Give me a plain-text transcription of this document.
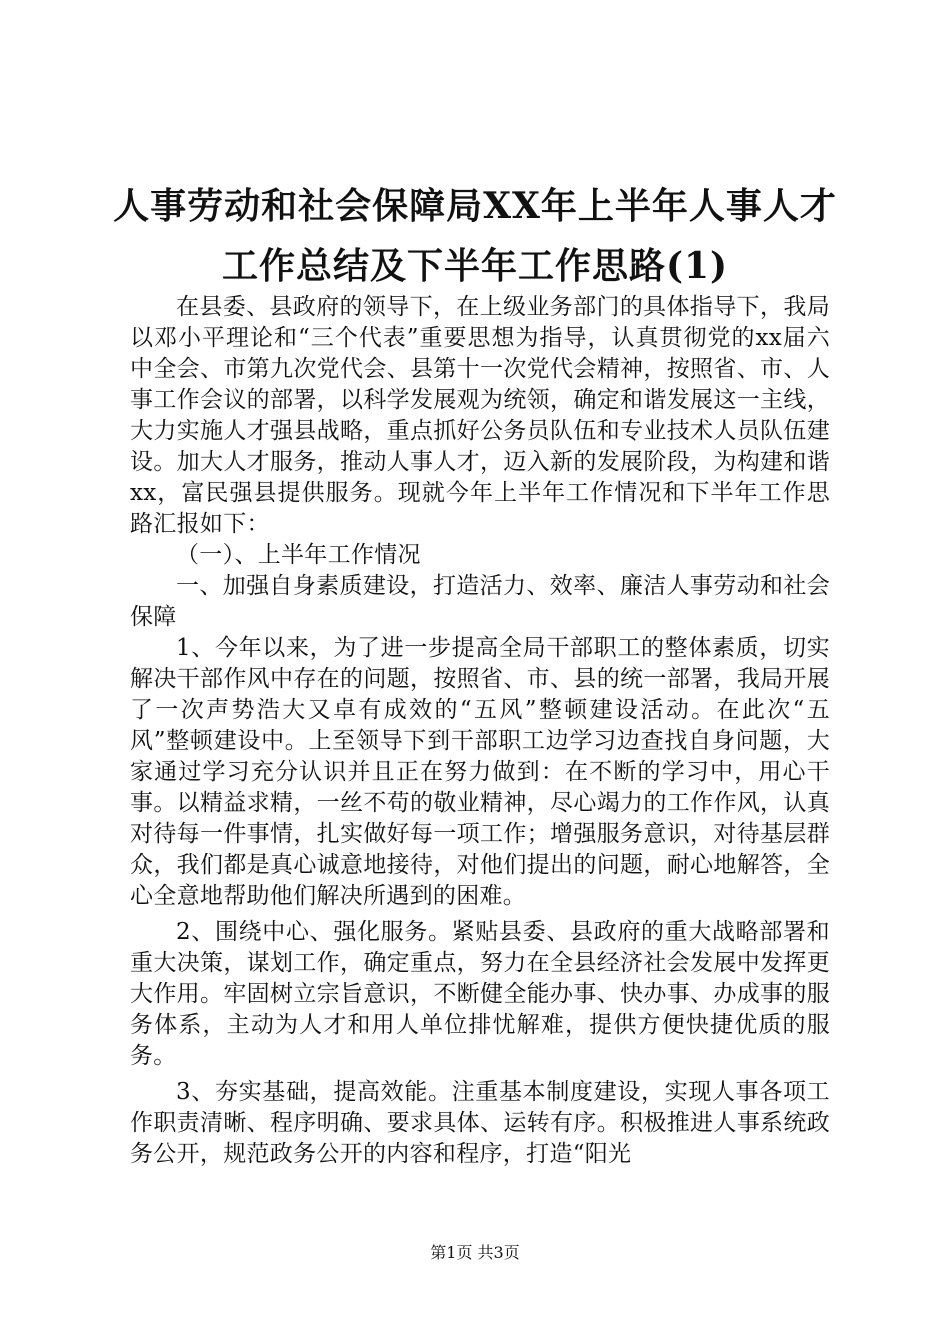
人事劳动和社会保障局XX年上半年人事人才
工作总结及下半年工作思路(1)

在县委、县政府的领导下，在上级业务部门的具体指导下，我局以邓小平理论和“三个代表”重要思想为指导，认真贯彻党的xx届六中全会、市第九次党代会、县第十一次党代会精神，按照省、市、人事工作会议的部署，以科学发展观为统领，确定和谐发展这一主线，大力实施人才强县战略，重点抓好公务员队伍和专业技术人员队伍建设。加大人才服务，推动人事人才，迈入新的发展阶段，为构建和谐xx，富民强县提供服务。现就今年上半年工作情况和下半年工作思路汇报如下：

（一）、上半年工作情况

一、加强自身素质建设，打造活力、效率、廉洁人事劳动和社会保障

1、今年以来，为了进一步提高全局干部职工的整体素质，切实解决干部作风中存在的问题，按照省、市、县的统一部署，我局开展了一次声势浩大又卓有成效的“五风”整顿建设活动。在此次“五风”整顿建设中。上至领导下到干部职工边学习边查找自身问题，大家通过学习充分认识并且正在努力做到：在不断的学习中，用心干事。以精益求精，一丝不苟的敬业精神，尽心竭力的工作作风，认真对待每一件事情，扎实做好每一项工作；增强服务意识，对待基层群众，我们都是真心诚意地接待，对他们提出的问题，耐心地解答，全心全意地帮助他们解决所遇到的困难。

2、围绕中心、强化服务。紧贴县委、县政府的重大战略部署和重大决策，谋划工作，确定重点，努力在全县经济社会发展中发挥更大作用。牢固树立宗旨意识，不断健全能办事、快办事、办成事的服务体系，主动为人才和用人单位排忧解难，提供方便快捷优质的服务。

3、夯实基础，提高效能。注重基本制度建设，实现人事各项工作职责清晰、程序明确、要求具体、运转有序。积极推进人事系统政务公开，规范政务公开的内容和程序，打造“阳光

第1页 共3页
